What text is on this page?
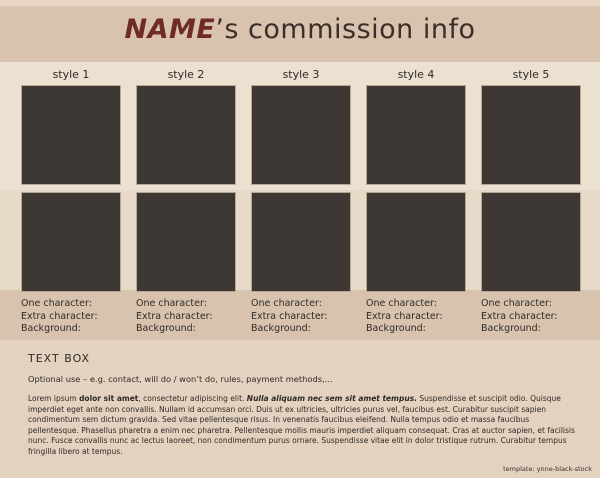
NAME’s commission info
style 1
One character:
Extra character:
Background:
style 2
One character:
Extra character:
Background:
style 3
One character:
Extra character:
Background:
style 4
One character:
Extra character:
Background:
style 5
One character:
Extra character:
Background:
TEXT BOX
Optional use – e.g. contact, will do / won’t do, rules, payment methods,...
Lorem ipsum dolor sit amet, consectetur adipiscing elit. Nulla aliquam nec sem sit amet tempus. Suspendisse et suscipit odio. Quisque imperdiet eget ante non convallis. Nullam id accumsan orci. Duis ut ex ultricies, ultricies purus vel, faucibus est. Curabitur suscipit sapien condimentum sem dictum gravida. Sed vitae pellentesque risus. In venenatis faucibus eleifend. Nulla tempus odio et massa faucibus pellentesque. Phasellus pharetra a enim nec pharetra. Pellentesque mollis mauris imperdiet aliquam consequat. Cras at auctor sapien, et facilisis nunc. Fusce convallis nunc ac lectus laoreet, non condimentum purus ornare. Suspendisse vitae elit in dolor tristique rutrum. Curabitur tempus fringilla libero at tempus.
template: ynne-black-stock
